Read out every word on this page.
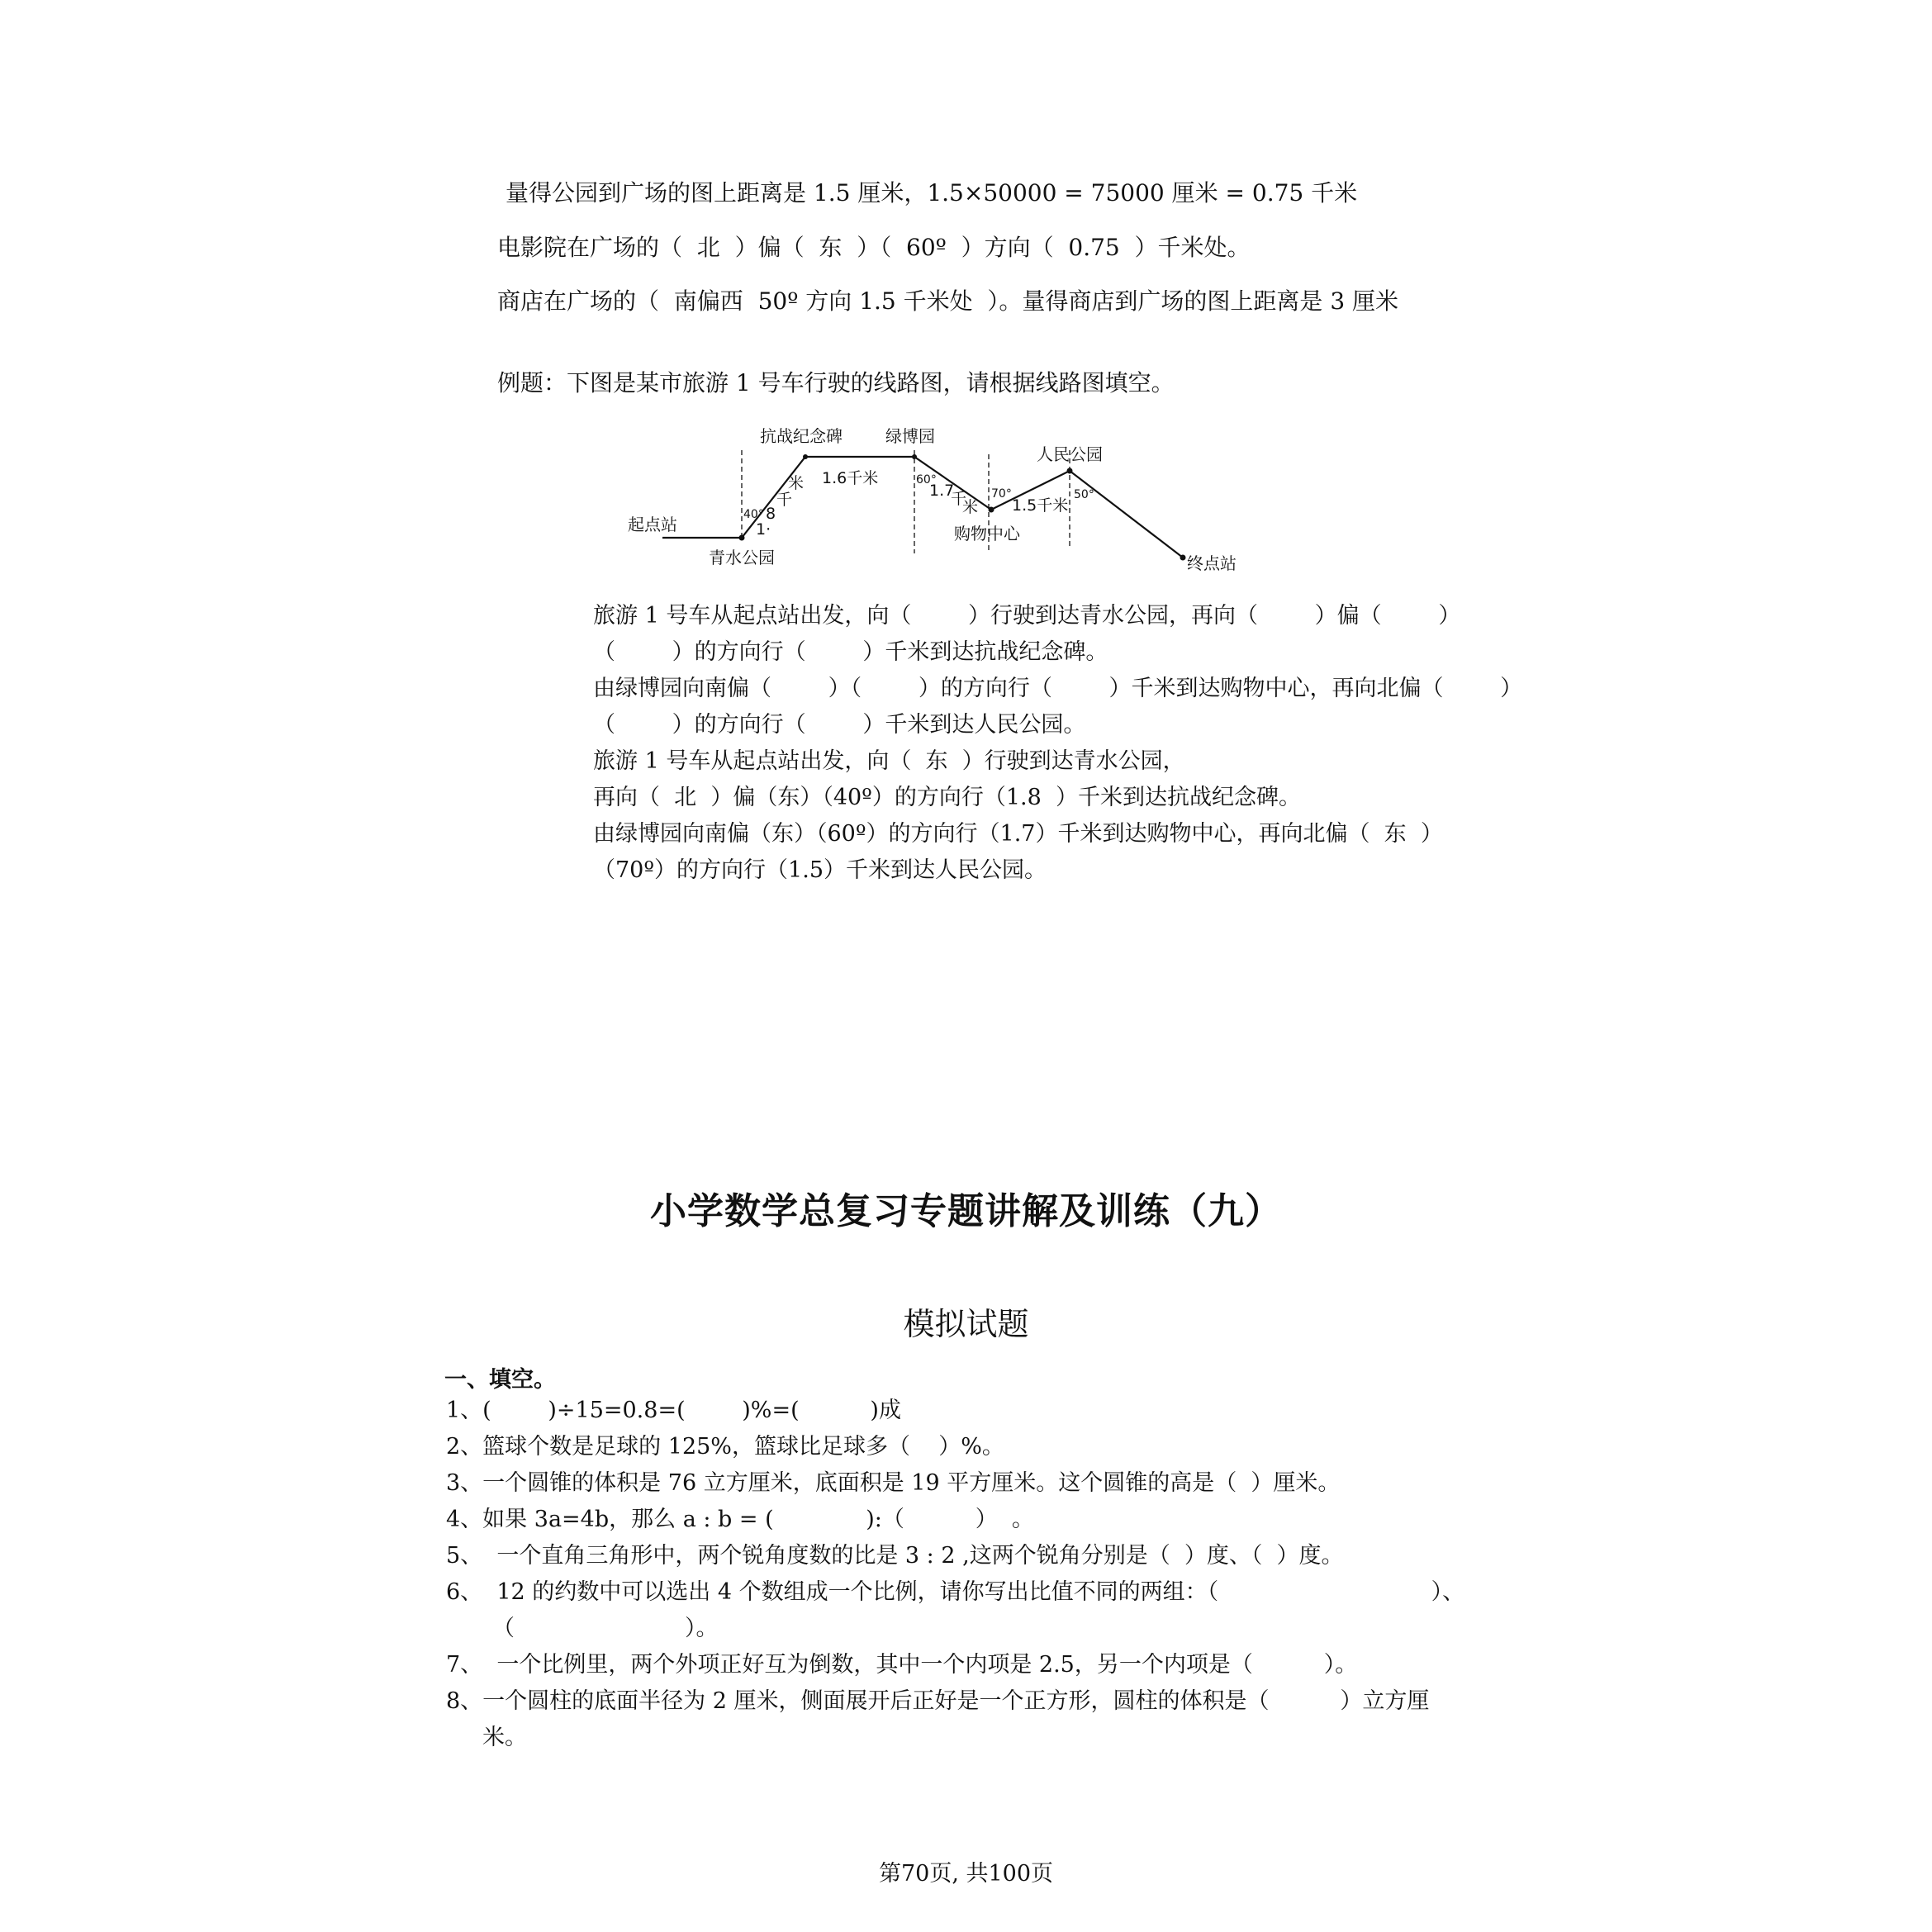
量得公园到广场的图上距离是 1.5 厘米，1.5×50000 = 75000 厘米 = 0.75 千米
电影院在广场的（  北  ）偏（  东  ）（  60º  ）方向（  0.75  ）千米处。
商店在广场的（  南偏西  50º 方向 1.5 千米处  ）。量得商店到广场的图上距离是 3 厘米
例题：下图是某市旅游 1 号车行驶的线路图，请根据线路图填空。
起点站
青水公园
抗战纪念碑	绿博园
购物中心
人民公园
终点站
1·
8
千
米 1.6千米
1.7
千
米 1.5千米
40°
60°
70°	50°
旅游 1 号车从起点站出发，向（        ）行驶到达青水公园，再向（        ）偏（        ）
（        ）的方向行（        ）千米到达抗战纪念碑。
由绿博园向南偏（        ）（        ）的方向行（        ）千米到达购物中心，再向北偏（        ）
（        ）的方向行（        ）千米到达人民公园。
旅游 1 号车从起点站出发，向（  东  ）行驶到达青水公园，
再向（  北  ）偏（东）（40º）的方向行（1.8  ）千米到达抗战纪念碑。
由绿博园向南偏（东）（60º）的方向行（1.7）千米到达购物中心，再向北偏（  东  ）
（70º）的方向行（1.5）千米到达人民公园。
小学数学总复习专题讲解及训练（九）
模拟试题
一、填空。
1、(        )÷15=0.8=(        )%=(          )成
2、篮球个数是足球的 125%，篮球比足球多（    ）%。
3、一个圆锥的体积是 76 立方厘米，底面积是 19 平方厘米。这个圆锥的高是（  ）厘米。
4、如果 3a=4b，那么 a : b = (             ):（          ）  。
5、  一个直角三角形中，两个锐角度数的比是 3 : 2 ,这两个锐角分别是（  ）度、（  ）度。
6、  12 的约数中可以选出 4 个数组成一个比例，请你写出比值不同的两组：（                              ）、
（                        ）。
7、  一个比例里，两个外项正好互为倒数，其中一个内项是 2.5，另一个内项是（          ）。
8、一个圆柱的底面半径为 2 厘米，侧面展开后正好是一个正方形，圆柱的体积是（          ）立方厘
米。
第70页, 共100页
